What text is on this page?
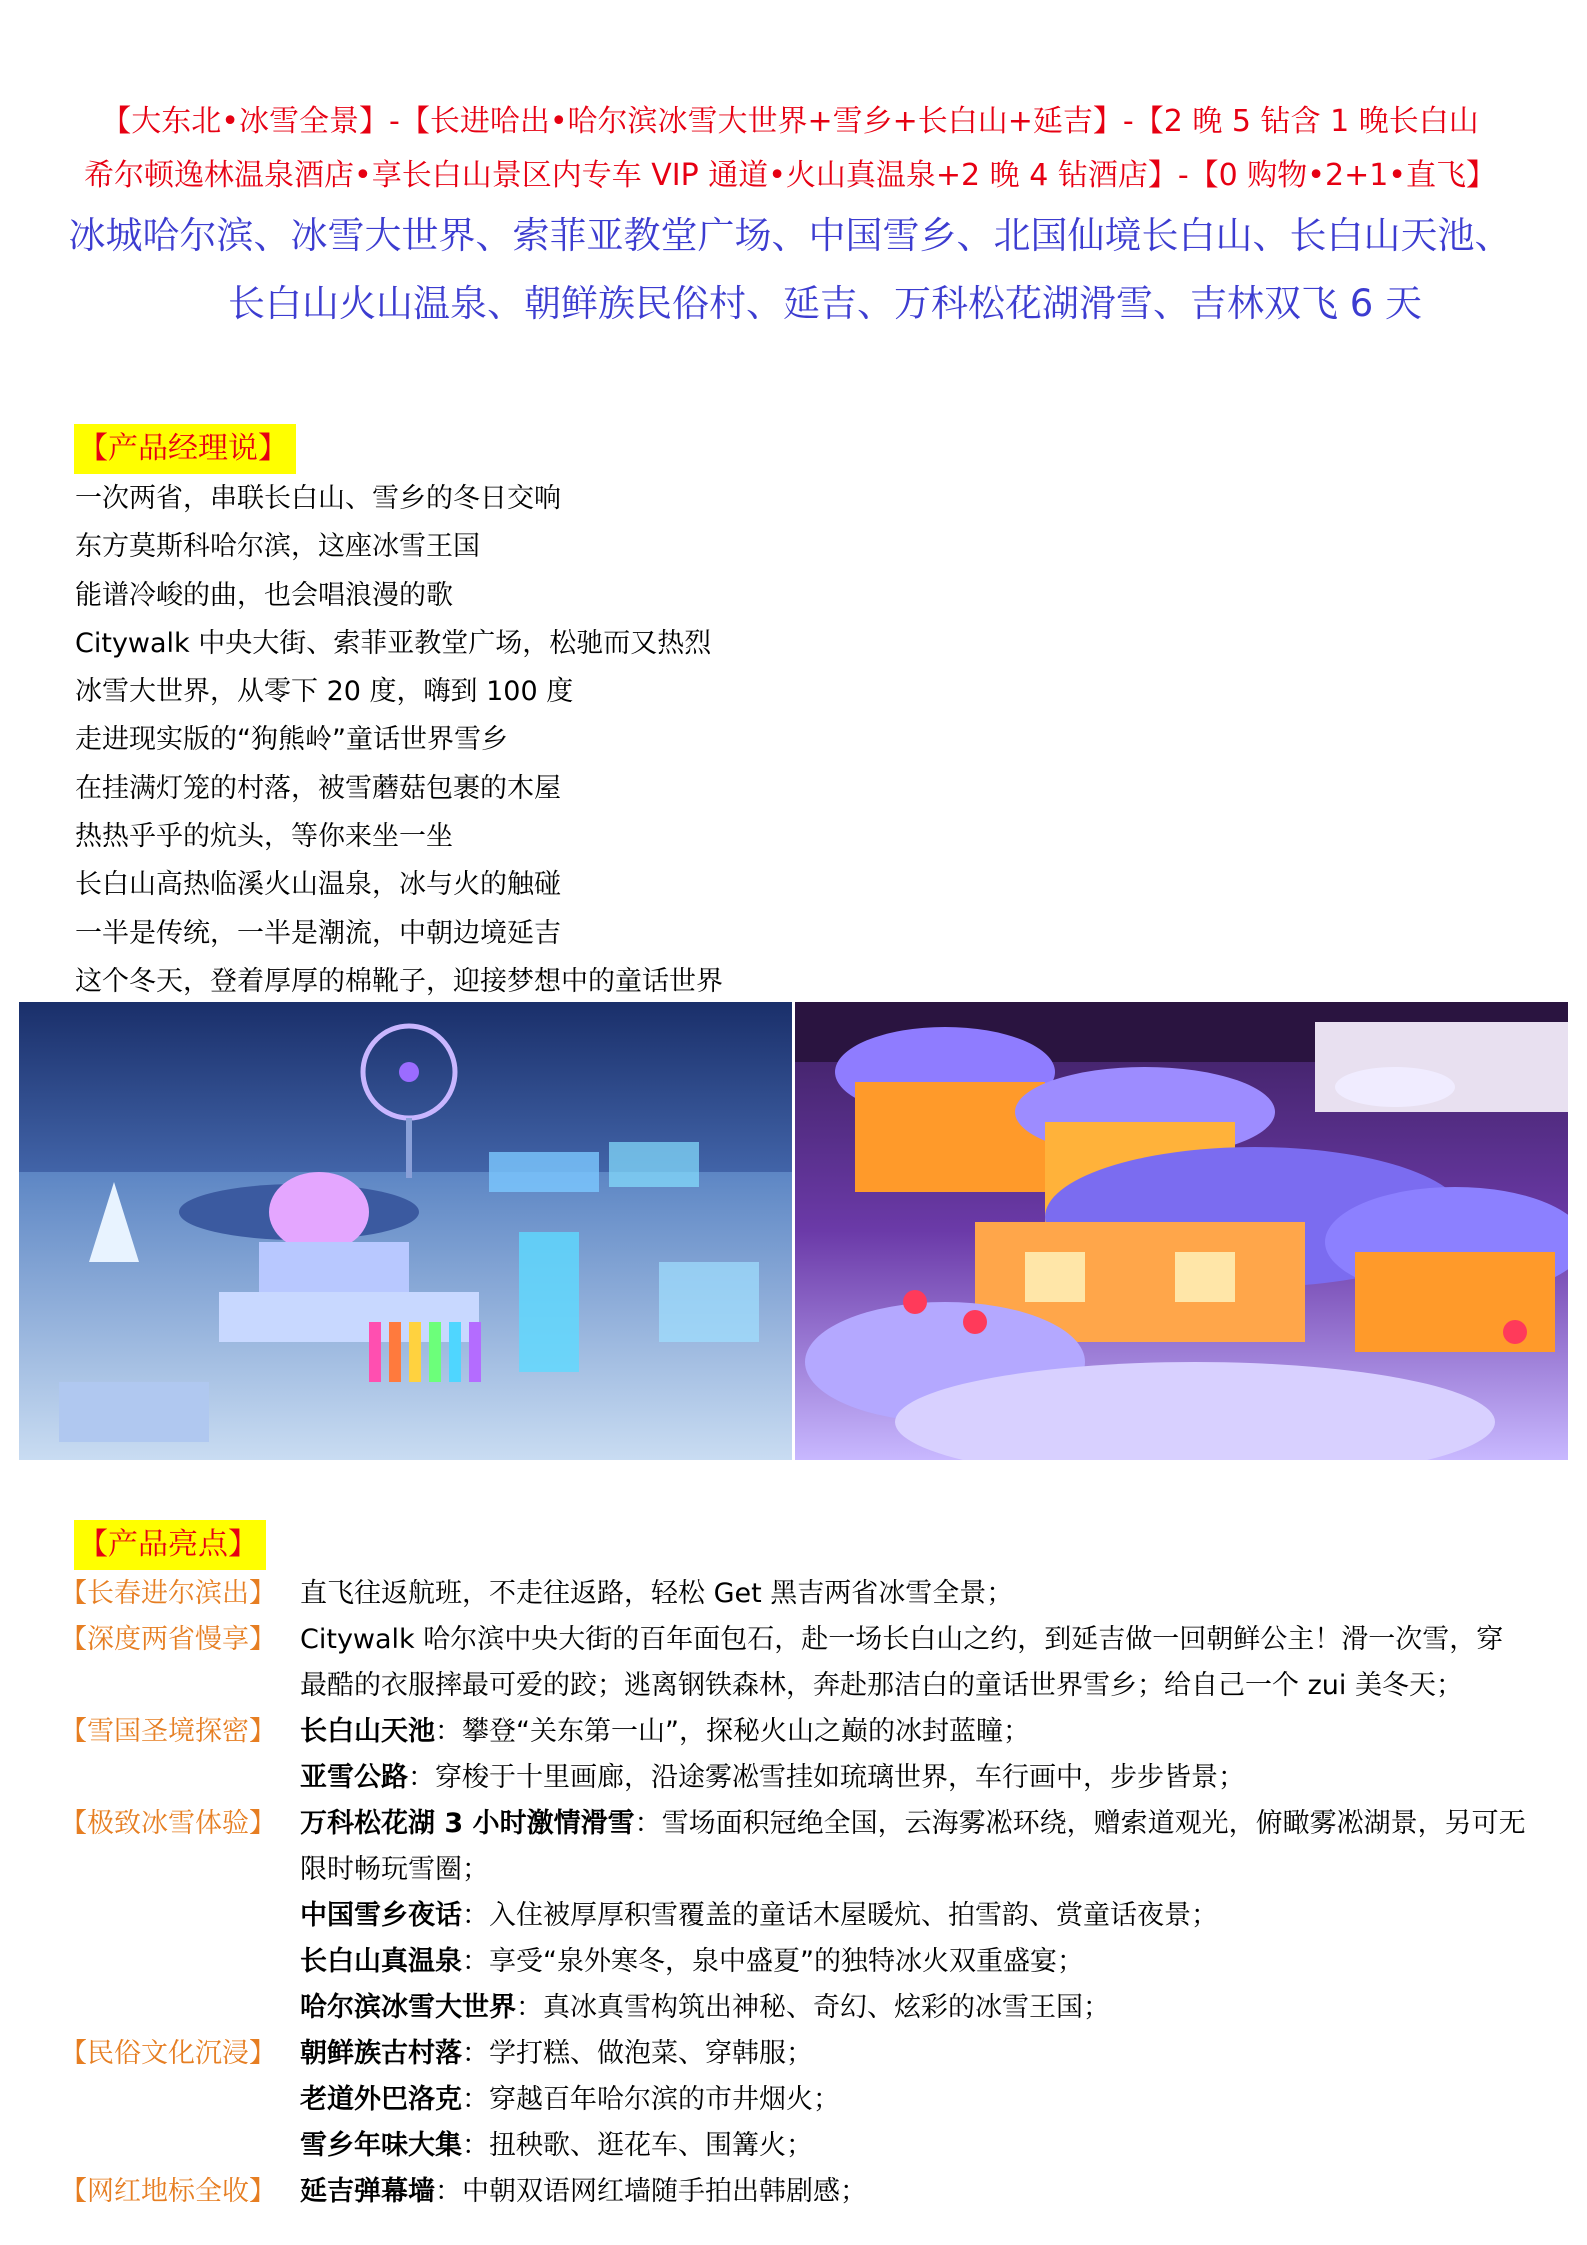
【大东北•冰雪全景】-【长进哈出•哈尔滨冰雪大世界+雪乡+长白山+延吉】-【2 晚 5 钻含 1 晚长白山
希尔顿逸林温泉酒店•享长白山景区内专车 VIP 通道•火山真温泉+2 晚 4 钻酒店】-【0 购物•2+1•直飞】
冰城哈尔滨、冰雪大世界、索菲亚教堂广场、中国雪乡、北国仙境长白山、长白山天池、
长白山火山温泉、朝鲜族民俗村、延吉、万科松花湖滑雪、吉林双飞 6 天
【产品经理说】
一次两省，串联长白山、雪乡的冬日交响
东方莫斯科哈尔滨，这座冰雪王国
能谱冷峻的曲，也会唱浪漫的歌
Citywalk 中央大街、索菲亚教堂广场，松驰而又热烈
冰雪大世界，从零下 20 度，嗨到 100 度
走进现实版的“狗熊岭”童话世界雪乡
在挂满灯笼的村落，被雪蘑菇包裹的木屋
热热乎乎的炕头，等你来坐一坐
长白山高热临溪火山温泉，冰与火的触碰
一半是传统，一半是潮流，中朝边境延吉
这个冬天，登着厚厚的棉靴子，迎接梦想中的童话世界
【产品亮点】
【长春进尔滨出】 直飞往返航班，不走往返路，轻松 Get 黑吉两省冰雪全景；
【深度两省慢享】 Citywalk 哈尔滨中央大街的百年面包石，赴一场长白山之约，到延吉做一回朝鲜公主！滑一次雪，穿最酷的衣服摔最可爱的跤；逃离钢铁森林，奔赴那洁白的童话世界雪乡；给自己一个 zui 美冬天；
【雪国圣境探密】 长白山天池：攀登“关东第一山”，探秘火山之巅的冰封蓝瞳；
亚雪公路：穿梭于十里画廊，沿途雾凇雪挂如琉璃世界，车行画中，步步皆景；
【极致冰雪体验】 万科松花湖 3 小时激情滑雪：雪场面积冠绝全国，云海雾凇环绕，赠索道观光，俯瞰雾凇湖景，另可无限时畅玩雪圈；
中国雪乡夜话：入住被厚厚积雪覆盖的童话木屋暖炕、拍雪韵、赏童话夜景；
长白山真温泉：享受“泉外寒冬，泉中盛夏”的独特冰火双重盛宴；
哈尔滨冰雪大世界：真冰真雪构筑出神秘、奇幻、炫彩的冰雪王国；
【民俗文化沉浸】 朝鲜族古村落：学打糕、做泡菜、穿韩服；
老道外巴洛克：穿越百年哈尔滨的市井烟火；
雪乡年味大集：扭秧歌、逛花车、围篝火；
【网红地标全收】 延吉弹幕墙：中朝双语网红墙随手拍出韩剧感；
